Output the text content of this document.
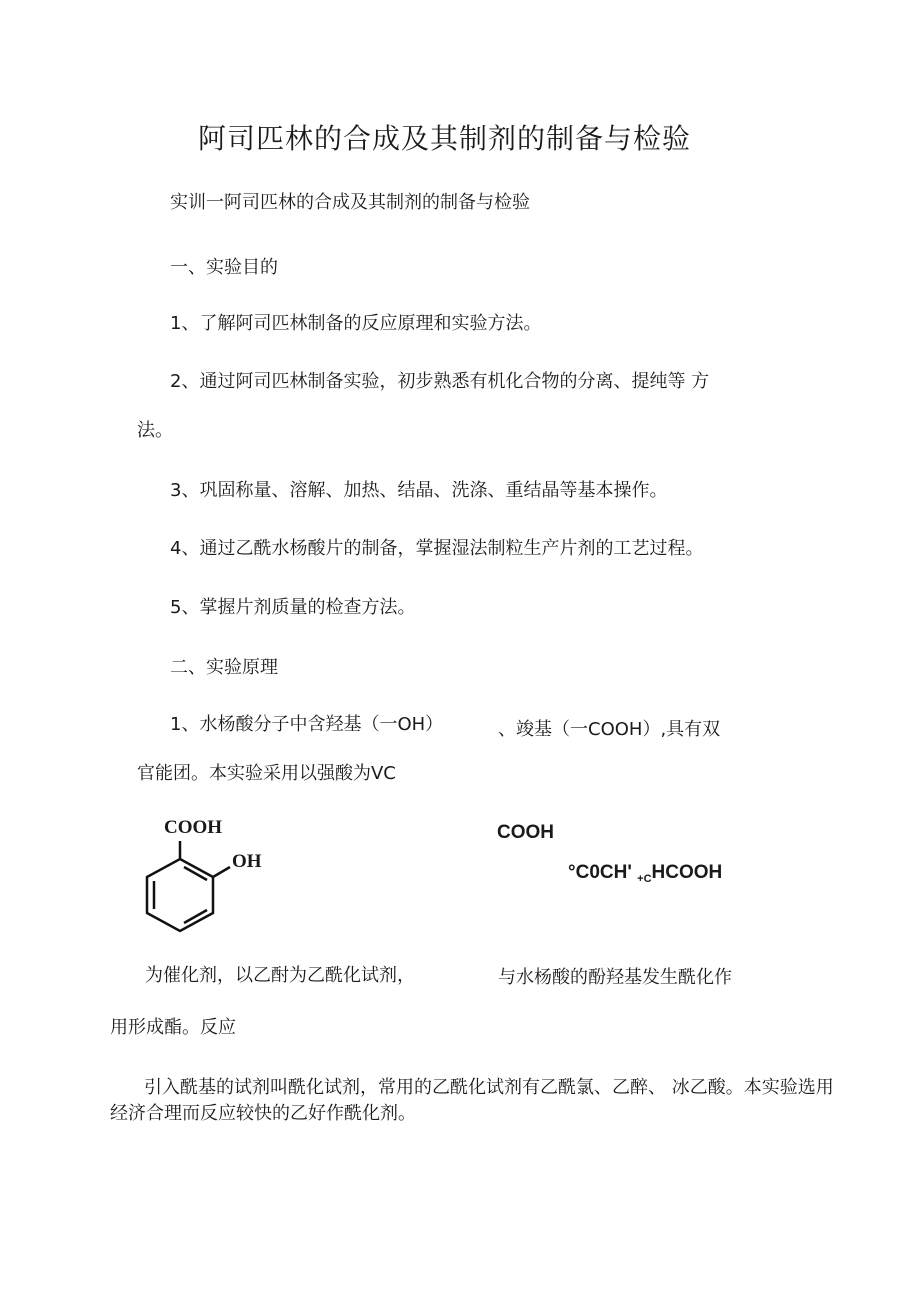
阿司匹林的合成及其制剂的制备与检验
实训一阿司匹林的合成及其制剂的制备与检验
一、实验目的
1、了解阿司匹林制备的反应原理和实验方法。
2、通过阿司匹林制备实验，初步熟悉有机化合物的分离、提纯等 方
法。
3、巩固称量、溶解、加热、结晶、洗涤、重结晶等基本操作。
4、通过乙酰水杨酸片的制备，掌握湿法制粒生产片剂的工艺过程。
5、掌握片剂质量的检查方法。
二、实验原理
1、水杨酸分子中含羟基（一OH）	、竣基（一COOH）,具有双
官能团。本实验采用以强酸为VC
COOH
OH
COOH
°C0CH' $_{+C}$HCOOH
为催化剂，以乙酎为乙酰化试剂，	与水杨酸的酚羟基发生酰化作
用形成酯。反应
引入酰基的试剂叫酰化试剂，常用的乙酰化试剂有乙酰氯、乙醉、 冰乙酸。本实验选用经济合理而反应较快的乙好作酰化剂。
